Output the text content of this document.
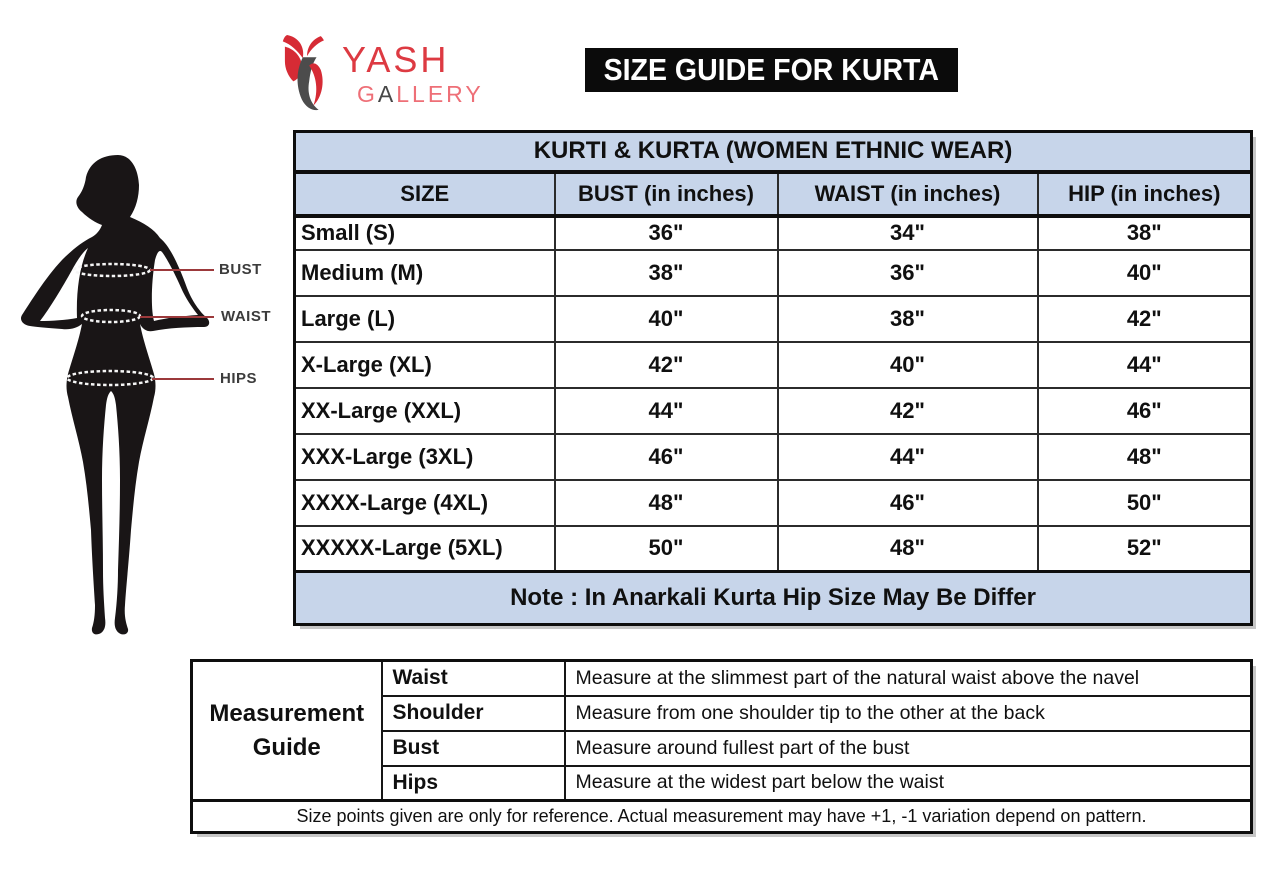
YASH
GALLERY
SIZE GUIDE FOR KURTA
BUST
WAIST
HIPS
KURTI & KURTA (WOMEN ETHNIC WEAR)			
SIZE	BUST (in inches)	WAIST (in inches)	HIP (in inches)
Small (S)	36"	34"	38"
Medium (M)	38"	36"	40"
Large (L)	40"	38"	42"
X-Large (XL)	42"	40"	44"
XX-Large (XXL)	44"	42"	46"
XXX-Large (3XL)	46"	44"	48"
XXXX-Large (4XL)	48"	46"	50"
XXXXX-Large (5XL)	50"	48"	52"
Note : In Anarkali Kurta Hip Size May Be Differ			
Measurement Guide	Waist	Measure at the slimmest part of the natural waist above the navel
	Shoulder	Measure from one shoulder tip to the other at the back
	Bust	Measure around fullest part of the bust
	Hips	Measure at the widest part below the waist
Size points given are only for reference. Actual measurement may have +1, -1 variation depend on pattern.		
